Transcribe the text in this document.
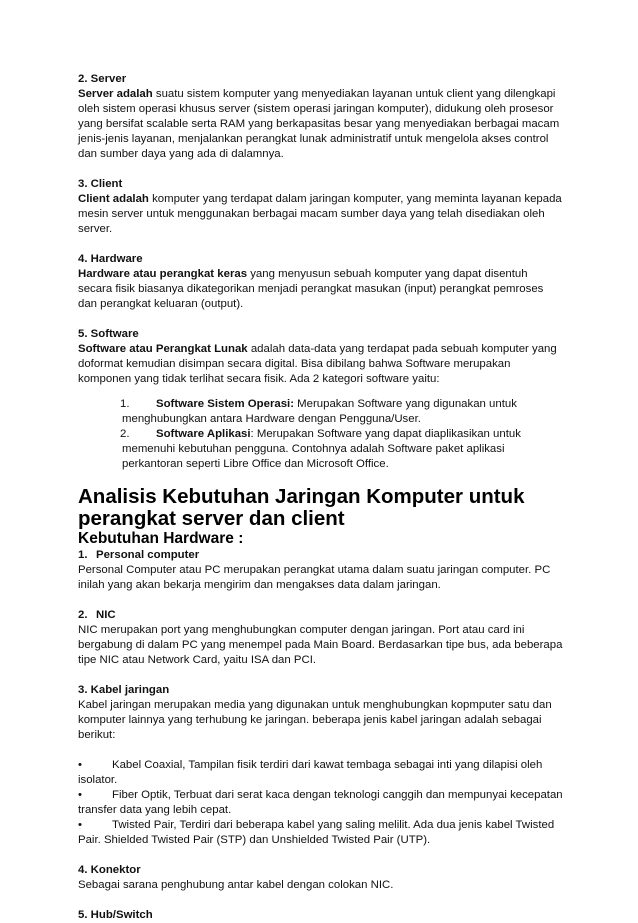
2. Server

Server adalah suatu sistem komputer yang menyediakan layanan untuk client yang dilengkapi oleh sistem operasi khusus server (sistem operasi jaringan komputer), didukung oleh prosesor yang bersifat scalable serta RAM yang berkapasitas besar yang menyediakan berbagai macam jenis-jenis layanan, menjalankan perangkat lunak administratif untuk mengelola akses control dan sumber daya yang ada di dalamnya.

3. Client

Client adalah komputer yang terdapat dalam jaringan komputer, yang meminta layanan kepada mesin server untuk menggunakan berbagai macam sumber daya yang telah disediakan oleh server.

4. Hardware

Hardware atau perangkat keras yang menyusun sebuah komputer yang dapat disentuh secara fisik biasanya dikategorikan menjadi perangkat masukan (input) perangkat pemroses dan perangkat keluaran (output).

5. Software

Software atau Perangkat Lunak adalah data-data yang terdapat pada sebuah komputer yang doformat kemudian disimpan secara digital. Bisa dibilang bahwa Software merupakan komponen yang tidak terlihat secara fisik. Ada 2 kategori software yaitu:

1. Software Sistem Operasi: Merupakan Software yang digunakan untuk menghubungkan antara Hardware dengan Pengguna/User.
2. Software Aplikasi: Merupakan Software yang dapat diaplikasikan untuk memenuhi kebutuhan pengguna. Contohnya adalah Software paket aplikasi perkantoran seperti Libre Office dan Microsoft Office.
Analisis Kebutuhan Jaringan Komputer untuk perangkat server dan client
Kebutuhan Hardware :

1. Personal computer

Personal Computer atau PC merupakan perangkat utama dalam suatu jaringan computer. PC inilah yang akan bekarja mengirim dan mengakses data dalam jaringan.

2. NIC

NIC merupakan port yang menghubungkan computer dengan jaringan. Port atau card ini bergabung di dalam PC yang menempel pada Main Board. Berdasarkan tipe bus, ada beberapa tipe NIC atau Network Card, yaitu ISA dan PCI.

3. Kabel jaringan

Kabel jaringan merupakan media yang digunakan untuk menghubungkan kopmputer satu dan komputer lainnya yang terhubung ke jaringan. beberapa jenis kabel jaringan adalah sebagai berikut:

•	Kabel Coaxial, Tampilan fisik terdiri dari kawat tembaga sebagai inti yang dilapisi oleh isolator.

•	Fiber Optik, Terbuat dari serat kaca dengan teknologi canggih dan mempunyai kecepatan transfer data yang lebih cepat.

•	Twisted Pair, Terdiri dari beberapa kabel yang saling melilit. Ada dua jenis kabel Twisted Pair. Shielded Twisted Pair (STP) dan Unshielded Twisted Pair (UTP).

4. Konektor

Sebagai sarana penghubung antar kabel dengan colokan NIC.

5. Hub/Switch
